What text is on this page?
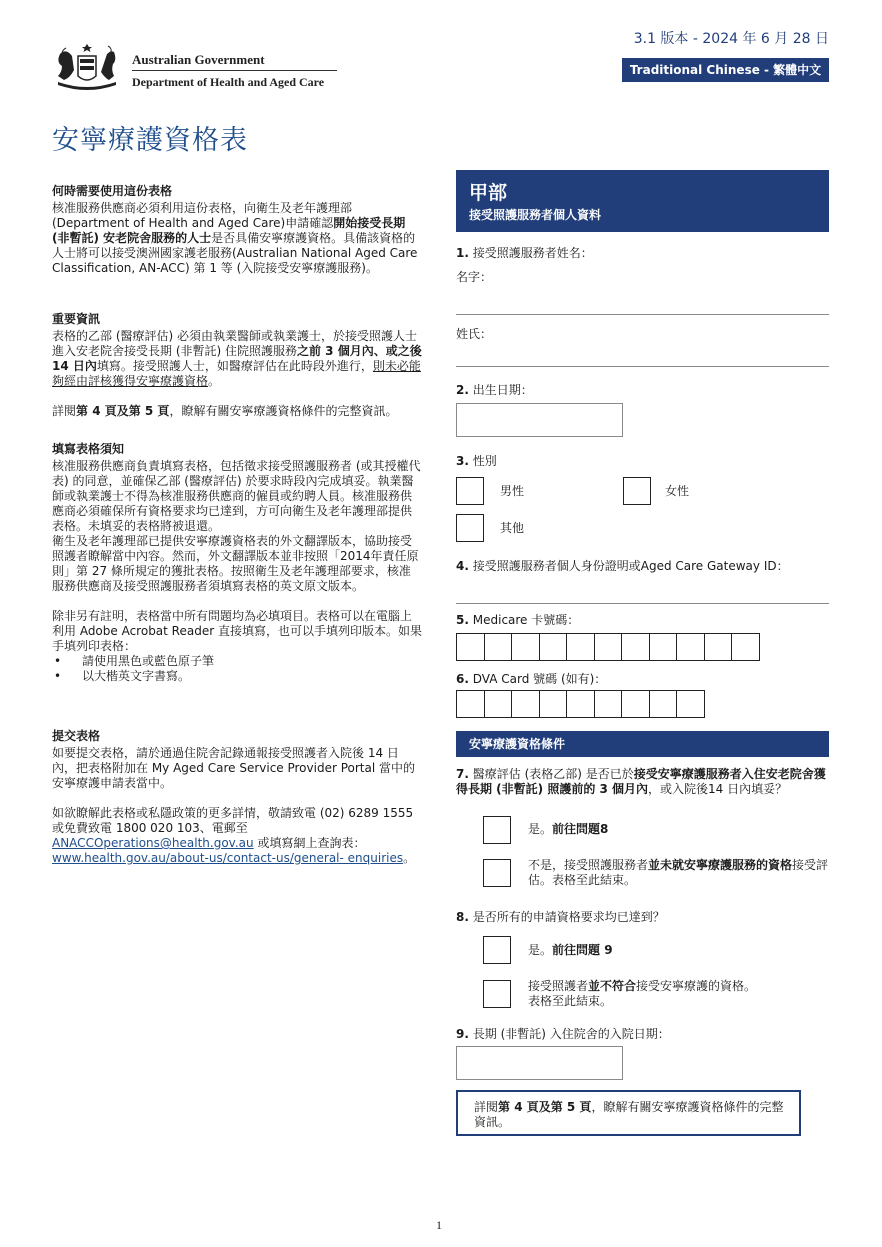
Australian Government
Department of Health and Aged Care
3.1 版本 - 2024 年 6 月 28 日
Traditional Chinese - 繁體中文
安寧療護資格表
何時需要使用這份表格

核准服務供應商必須利用這份表格，向衛生及老年護理部(Department of Health and Aged Care)申請確認開始接受長期 (非暫託) 安老院舍服務的人士是否具備安寧療護資格。具備該資格的人士將可以接受澳洲國家護老服務(Australian National Aged Care Classification, AN-ACC) 第 1 等 (入院接受安寧療護服務)。

重要資訊

表格的乙部 (醫療評估) 必須由執業醫師或執業護士，於接受照護人士進入安老院舍接受長期 (非暫託) 住院照護服務之前 3 個月內、或之後 14 日內填寫。接受照護人士，如醫療評估在此時段外進行，則未必能夠經由評核獲得安寧療護資格。

詳閱第 4 頁及第 5 頁，瞭解有關安寧療護資格條件的完整資訊。

填寫表格須知

核准服務供應商負責填寫表格，包括徵求接受照護服務者 (或其授權代表) 的同意，並確保乙部 (醫療評估) 於要求時段內完成填妥。執業醫師或執業護士不得為核准服務供應商的僱員或約聘人員。核准服務供應商必須確保所有資格要求均已達到，方可向衛生及老年護理部提供表格。未填妥的表格將被退還。

衛生及老年護理部已提供安寧療護資格表的外文翻譯版本，協助接受照護者瞭解當中內容。然而，外文翻譯版本並非按照「2014年責任原則」第 27 條所規定的獲批表格。按照衛生及老年護理部要求，核准服務供應商及接受照護服務者須填寫表格的英文原文版本。

除非另有註明，表格當中所有問題均為必填項目。表格可以在電腦上利用 Adobe Acrobat Reader 直接填寫，也可以手填列印版本。如果手填列印表格：

• 請使用黑色或藍色原子筆
• 以大楷英文字書寫。
提交表格

如要提交表格，請於通過住院舍記錄通報接受照護者入院後 14 日內，把表格附加在 My Aged Care Service Provider Portal 當中的安寧療護申請表當中。

如欲瞭解此表格或私隱政策的更多詳情，敬請致電 (02) 6289 1555 或免費致電 1800 020 103、電郵至ANACCOperations@health.gov.au 或填寫網上查詢表：www.health.gov.au/about-us/contact-us/general- enquiries。

甲部
接受照護服務者個人資料
1. 接受照護服務者姓名：
名字：
姓氏：
2. 出生日期：
3. 性別
男性	女性
其他
4. 接受照護服務者個人身份證明或Aged Care Gateway ID：
5. Medicare 卡號碼：
6. DVA Card 號碼 (如有)：
安寧療護資格條件
7. 醫療評估 (表格乙部) 是否已於接受安寧療護服務者入住安老院舍獲得長期 (非暫託) 照護前的 3 個月內，或入院後14 日內填妥？
是。前往問題8
不是，接受照護服務者並未就安寧療護服務的資格接受評估。表格至此結束。
8. 是否所有的申請資格要求均已達到？
是。前往問題 9
接受照護者並不符合接受安寧療護的資格。
表格至此結束。
9. 長期 (非暫託) 入住院舍的入院日期：
詳閱第 4 頁及第 5 頁，瞭解有關安寧療護資格條件的完整資訊。
1
